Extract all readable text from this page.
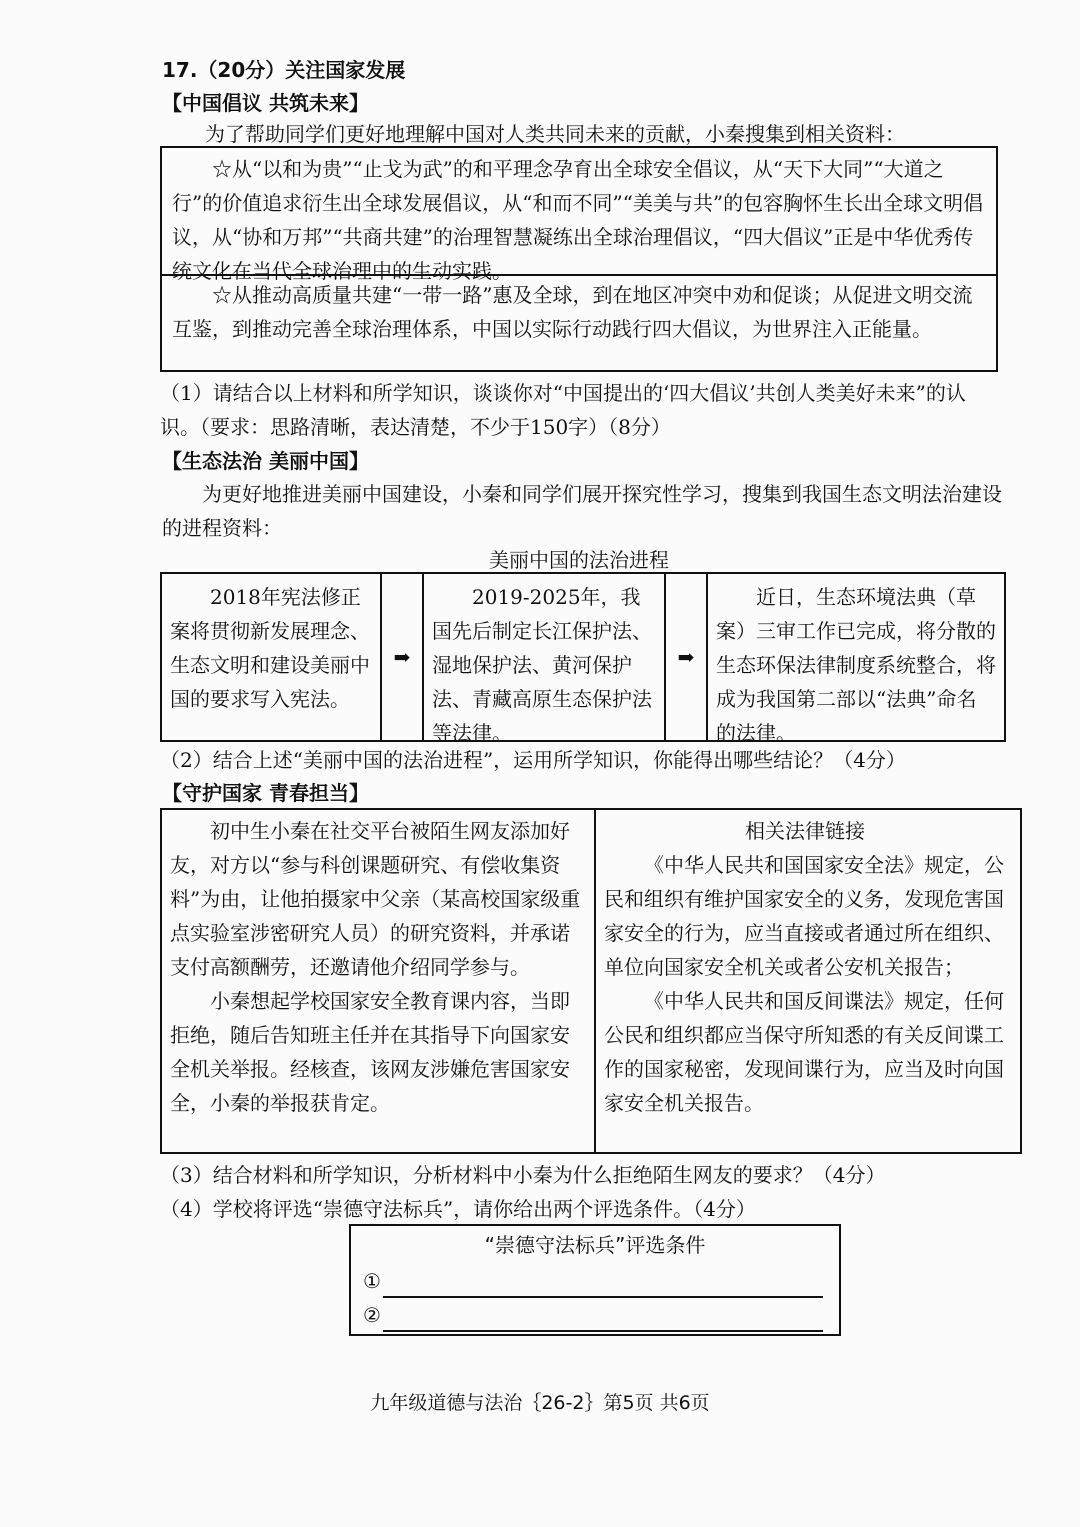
17.（20分）关注国家发展
【中国倡议 共筑未来】
为了帮助同学们更好地理解中国对人类共同未来的贡献，小秦搜集到相关资料：
☆从“以和为贵”“止戈为武”的和平理念孕育出全球安全倡议，从“天下大同”“大道之行”的价值追求衍生出全球发展倡议，从“和而不同”“美美与共”的包容胸怀生长出全球文明倡议，从“协和万邦”“共商共建”的治理智慧凝练出全球治理倡议，“四大倡议”正是中华优秀传统文化在当代全球治理中的生动实践。
☆从推动高质量共建“一带一路”惠及全球，到在地区冲突中劝和促谈；从促进文明交流互鉴，到推动完善全球治理体系，中国以实际行动践行四大倡议，为世界注入正能量。
（1）请结合以上材料和所学知识，谈谈你对“中国提出的‘四大倡议’共创人类美好未来”的认识。（要求：思路清晰，表达清楚，不少于150字）（8分）
【生态法治 美丽中国】
为更好地推进美丽中国建设，小秦和同学们展开探究性学习，搜集到我国生态文明法治建设的进程资料：
美丽中国的法治进程
2018年宪法修正案将贯彻新发展理念、生态文明和建设美丽中国的要求写入宪法。
➡
2019-2025年，我国先后制定长江保护法、湿地保护法、黄河保护法、青藏高原生态保护法等法律。
➡
近日，生态环境法典（草案）三审工作已完成，将分散的生态环保法律制度系统整合，将成为我国第二部以“法典”命名的法律。
（2）结合上述“美丽中国的法治进程”，运用所学知识，你能得出哪些结论？（4分）
【守护国家 青春担当】
初中生小秦在社交平台被陌生网友添加好友，对方以“参与科创课题研究、有偿收集资料”为由，让他拍摄家中父亲（某高校国家级重点实验室涉密研究人员）的研究资料，并承诺支付高额酬劳，还邀请他介绍同学参与。
小秦想起学校国家安全教育课内容，当即拒绝，随后告知班主任并在其指导下向国家安全机关举报。经核查，该网友涉嫌危害国家安全，小秦的举报获肯定。
相关法律链接
《中华人民共和国国家安全法》规定，公民和组织有维护国家安全的义务，发现危害国家安全的行为，应当直接或者通过所在组织、单位向国家安全机关或者公安机关报告；
《中华人民共和国反间谍法》规定，任何公民和组织都应当保守所知悉的有关反间谍工作的国家秘密，发现间谍行为，应当及时向国家安全机关报告。
（3）结合材料和所学知识，分析材料中小秦为什么拒绝陌生网友的要求？（4分）
（4）学校将评选“崇德守法标兵”，请你给出两个评选条件。（4分）
“崇德守法标兵”评选条件
①
②
九年级道德与法治｛26-2｝第5页 共6页
